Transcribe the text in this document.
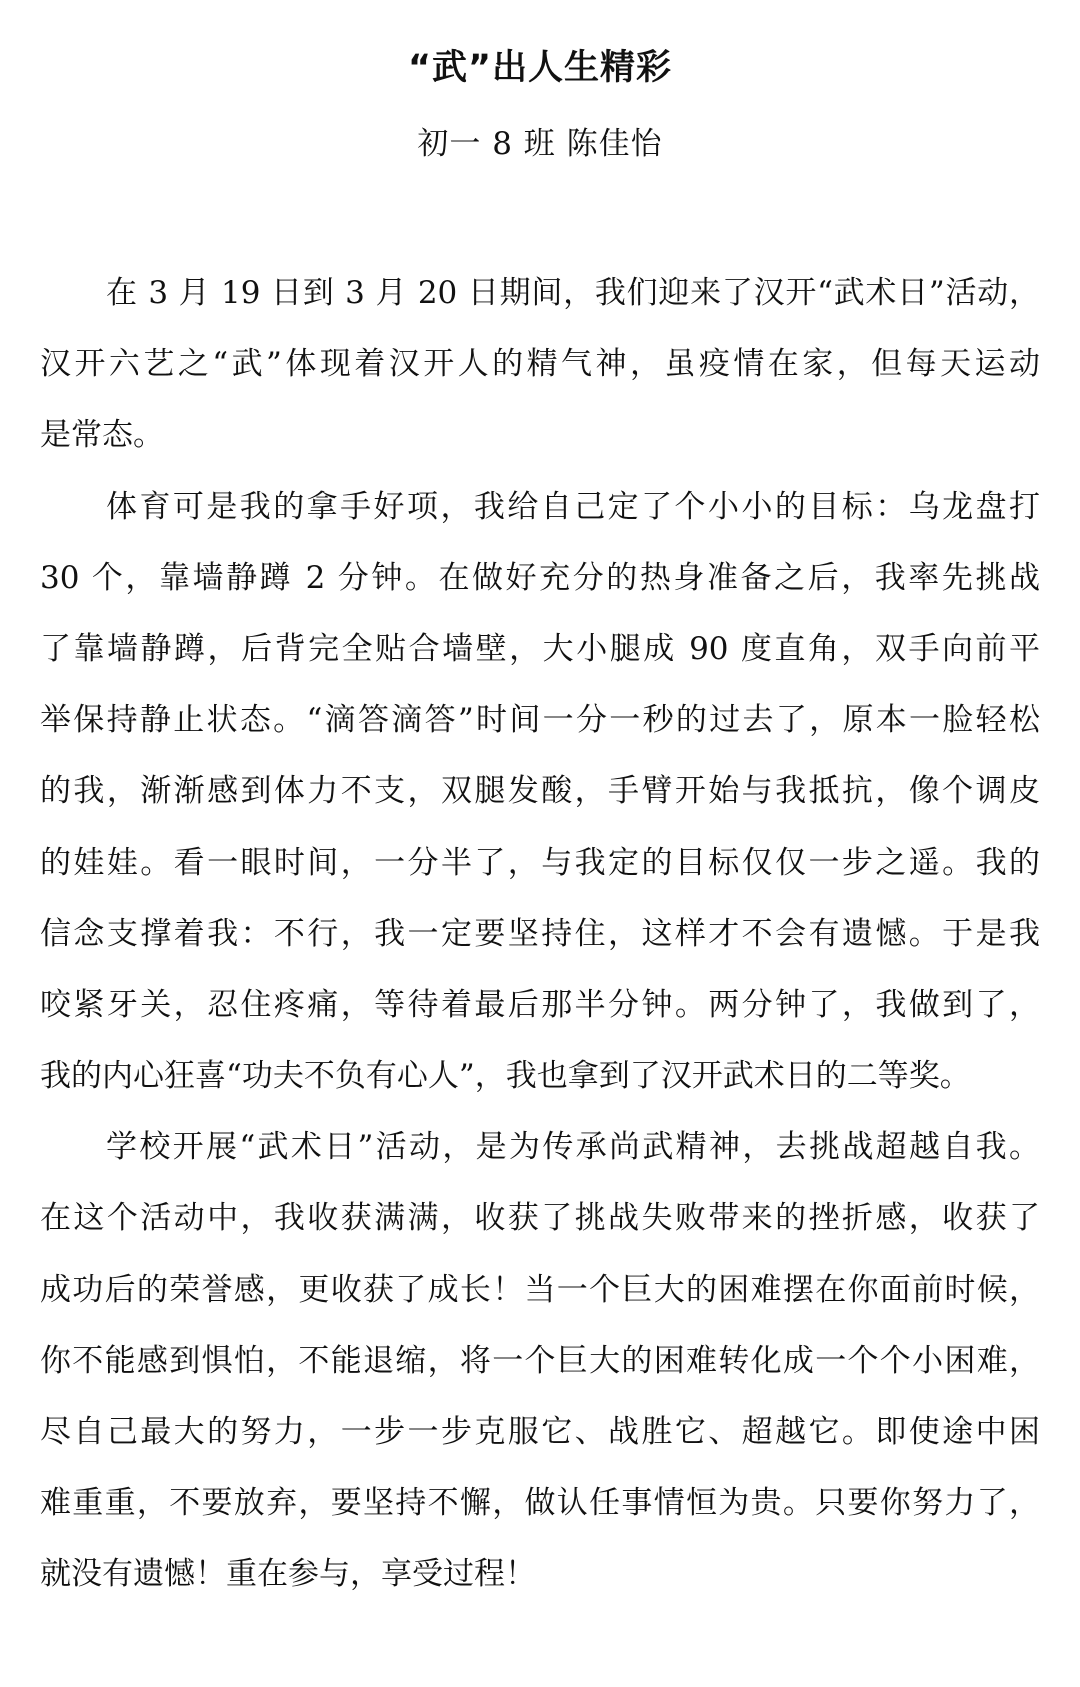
“武”出人生精彩
初一 8 班 陈佳怡
在 3 月 19 日到 3 月 20 日期间，我们迎来了汉开“武术日”活动，
汉开六艺之“武”体现着汉开人的精气神，虽疫情在家，但每天运动
是常态。
体育可是我的拿手好项，我给自己定了个小小的目标：乌龙盘打
30 个，靠墙静蹲 2 分钟。在做好充分的热身准备之后，我率先挑战
了靠墙静蹲，后背完全贴合墙壁，大小腿成 90 度直角，双手向前平
举保持静止状态。“滴答滴答”时间一分一秒的过去了，原本一脸轻松
的我，渐渐感到体力不支，双腿发酸，手臂开始与我抵抗，像个调皮
的娃娃。看一眼时间，一分半了，与我定的目标仅仅一步之遥。我的
信念支撑着我：不行，我一定要坚持住，这样才不会有遗憾。于是我
咬紧牙关，忍住疼痛，等待着最后那半分钟。两分钟了，我做到了，
我的内心狂喜“功夫不负有心人”，我也拿到了汉开武术日的二等奖。
学校开展“武术日”活动，是为传承尚武精神，去挑战超越自我。
在这个活动中，我收获满满，收获了挑战失败带来的挫折感，收获了
成功后的荣誉感，更收获了成长！当一个巨大的困难摆在你面前时候，
你不能感到惧怕，不能退缩，将一个巨大的困难转化成一个个小困难，
尽自己最大的努力，一步一步克服它、战胜它、超越它。即使途中困
难重重，不要放弃，要坚持不懈，做认任事情恒为贵。只要你努力了，
就没有遗憾！重在参与，享受过程！
